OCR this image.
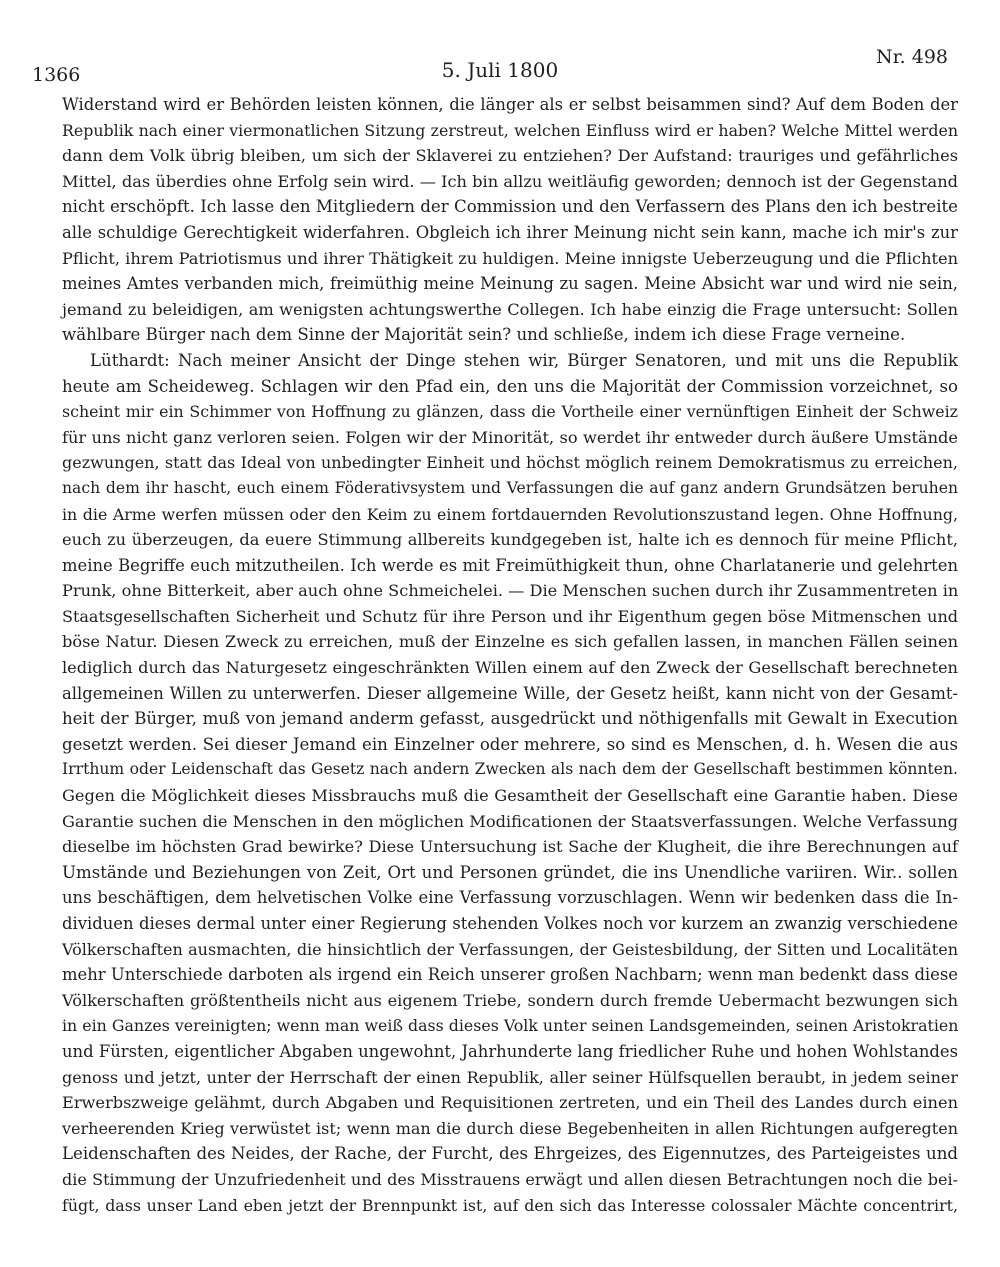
1366	5. Juli 1800
Nr. 498
Widerstand wird er Behörden leisten können, die länger als er selbst beisammen sind? Auf dem Boden der
Republik nach einer viermonatlichen Sitzung zerstreut, welchen Einfluss wird er haben? Welche Mittel werden
dann dem Volk übrig bleiben, um sich der Sklaverei zu entziehen? Der Aufstand: trauriges und gefährliches
Mittel, das überdies ohne Erfolg sein wird. — Ich bin allzu weitläufig geworden; dennoch ist der Gegenstand
nicht erschöpft. Ich lasse den Mitgliedern der Commission und den Verfassern des Plans den ich bestreite
alle schuldige Gerechtigkeit widerfahren. Obgleich ich ihrer Meinung nicht sein kann, mache ich mir's zur
Pflicht, ihrem Patriotismus und ihrer Thätigkeit zu huldigen. Meine innigste Ueberzeugung und die Pflichten
meines Amtes verbanden mich, freimüthig meine Meinung zu sagen. Meine Absicht war und wird nie sein,
jemand zu beleidigen, am wenigsten achtungswerthe Collegen. Ich habe einzig die Frage untersucht: Sollen
wählbare Bürger nach dem Sinne der Majorität sein? und schließe, indem ich diese Frage verneine.
Lüthardt: Nach meiner Ansicht der Dinge stehen wir, Bürger Senatoren, und mit uns die Republik
heute am Scheideweg. Schlagen wir den Pfad ein, den uns die Majorität der Commission vorzeichnet, so
scheint mir ein Schimmer von Hoffnung zu glänzen, dass die Vortheile einer vernünftigen Einheit der Schweiz
für uns nicht ganz verloren seien. Folgen wir der Minorität, so werdet ihr entweder durch äußere Umstände
gezwungen, statt das Ideal von unbedingter Einheit und höchst möglich reinem Demokratismus zu erreichen,
nach dem ihr hascht, euch einem Föderativsystem und Verfassungen die auf ganz andern Grundsätzen beruhen
in die Arme werfen müssen oder den Keim zu einem fortdauernden Revolutionszustand legen. Ohne Hoffnung,
euch zu überzeugen, da euere Stimmung allbereits kundgegeben ist, halte ich es dennoch für meine Pflicht,
meine Begriffe euch mitzutheilen. Ich werde es mit Freimüthigkeit thun, ohne Charlatanerie und gelehrten
Prunk, ohne Bitterkeit, aber auch ohne Schmeichelei. — Die Menschen suchen durch ihr Zusammentreten in
Staatsgesellschaften Sicherheit und Schutz für ihre Person und ihr Eigenthum gegen böse Mitmenschen und
böse Natur. Diesen Zweck zu erreichen, muß der Einzelne es sich gefallen lassen, in manchen Fällen seinen
lediglich durch das Naturgesetz eingeschränkten Willen einem auf den Zweck der Gesellschaft berechneten
allgemeinen Willen zu unterwerfen. Dieser allgemeine Wille, der Gesetz heißt, kann nicht von der Gesamt-
heit der Bürger, muß von jemand anderm gefasst, ausgedrückt und nöthigenfalls mit Gewalt in Execution
gesetzt werden. Sei dieser Jemand ein Einzelner oder mehrere, so sind es Menschen, d. h. Wesen die aus
Irrthum oder Leidenschaft das Gesetz nach andern Zwecken als nach dem der Gesellschaft bestimmen könnten.
Gegen die Möglichkeit dieses Missbrauchs muß die Gesamtheit der Gesellschaft eine Garantie haben. Diese
Garantie suchen die Menschen in den möglichen Modificationen der Staatsverfassungen. Welche Verfassung
dieselbe im höchsten Grad bewirke? Diese Untersuchung ist Sache der Klugheit, die ihre Berechnungen auf
Umstände und Beziehungen von Zeit, Ort und Personen gründet, die ins Unendliche variiren. Wir.. sollen
uns beschäftigen, dem helvetischen Volke eine Verfassung vorzuschlagen. Wenn wir bedenken dass die In-
dividuen dieses dermal unter einer Regierung stehenden Volkes noch vor kurzem an zwanzig verschiedene
Völkerschaften ausmachten, die hinsichtlich der Verfassungen, der Geistesbildung, der Sitten und Localitäten
mehr Unterschiede darboten als irgend ein Reich unserer großen Nachbarn; wenn man bedenkt dass diese
Völkerschaften größtentheils nicht aus eigenem Triebe, sondern durch fremde Uebermacht bezwungen sich
in ein Ganzes vereinigten; wenn man weiß dass dieses Volk unter seinen Landsgemeinden, seinen Aristokratien
und Fürsten, eigentlicher Abgaben ungewohnt, Jahrhunderte lang friedlicher Ruhe und hohen Wohlstandes
genoss und jetzt, unter der Herrschaft der einen Republik, aller seiner Hülfsquellen beraubt, in jedem seiner
Erwerbszweige gelähmt, durch Abgaben und Requisitionen zertreten, und ein Theil des Landes durch einen
verheerenden Krieg verwüstet ist; wenn man die durch diese Begebenheiten in allen Richtungen aufgeregten
Leidenschaften des Neides, der Rache, der Furcht, des Ehrgeizes, des Eigennutzes, des Parteigeistes und
die Stimmung der Unzufriedenheit und des Misstrauens erwägt und allen diesen Betrachtungen noch die bei-
fügt, dass unser Land eben jetzt der Brennpunkt ist, auf den sich das Interesse colossaler Mächte concentrirt,
